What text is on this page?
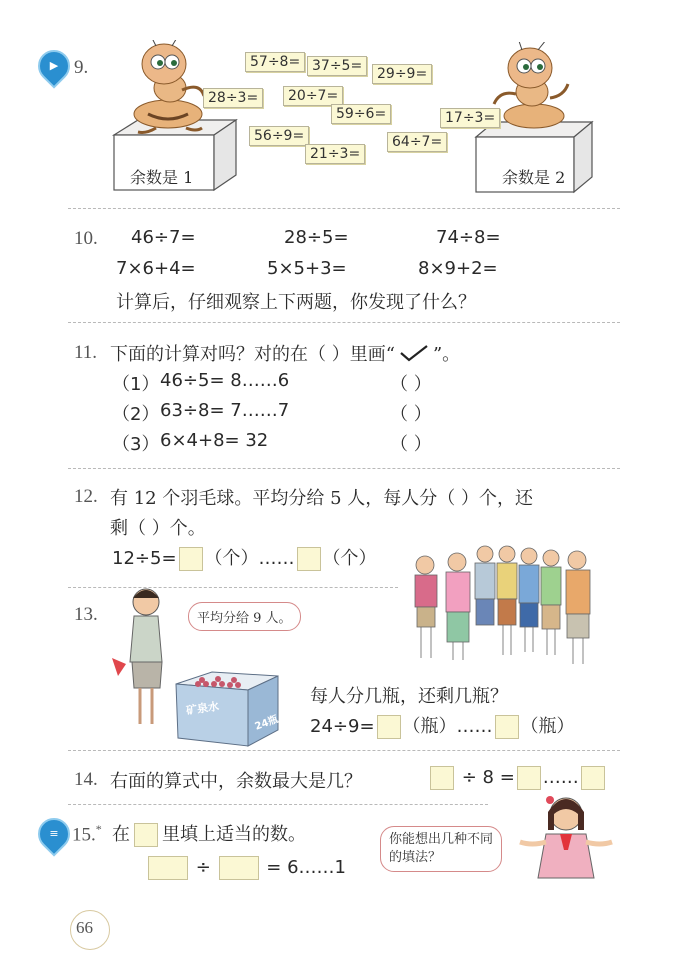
▶ 9.
余数是 1	余数是 2
57÷8= 37÷5=	29÷9=
28÷3=	20÷7=
59÷6=	17÷3=
56÷9=
21÷3=
64÷7=
10. 46÷7=	28÷5=	74÷8=
7×6+4=	5×5+3=	8×9+2=
计算后，仔细观察上下两题，你发现了什么？
11. 下面的计算对吗？对的在（ ）里画“ ”。
（1） 46÷5= 8……6	（ ）
（2） 63÷8= 7……7	（ ）
（3） 6×4+8= 32	（ ）
12. 有 12 个羽毛球。平均分给 5 人，每人分（ ）个，还
剩（ ）个。
12÷5= （个）…… （个）
13.	平均分给 9 人。
矿泉水
24瓶
每人分几瓶，还剩几瓶？
24÷9= （瓶）…… （瓶）
14. 右面的算式中，余数最大是几？	÷ 8 = ……
≡ 15.* 在 里填上适当的数。
÷	= 6……1
你能想出几种不同的填法？
66
